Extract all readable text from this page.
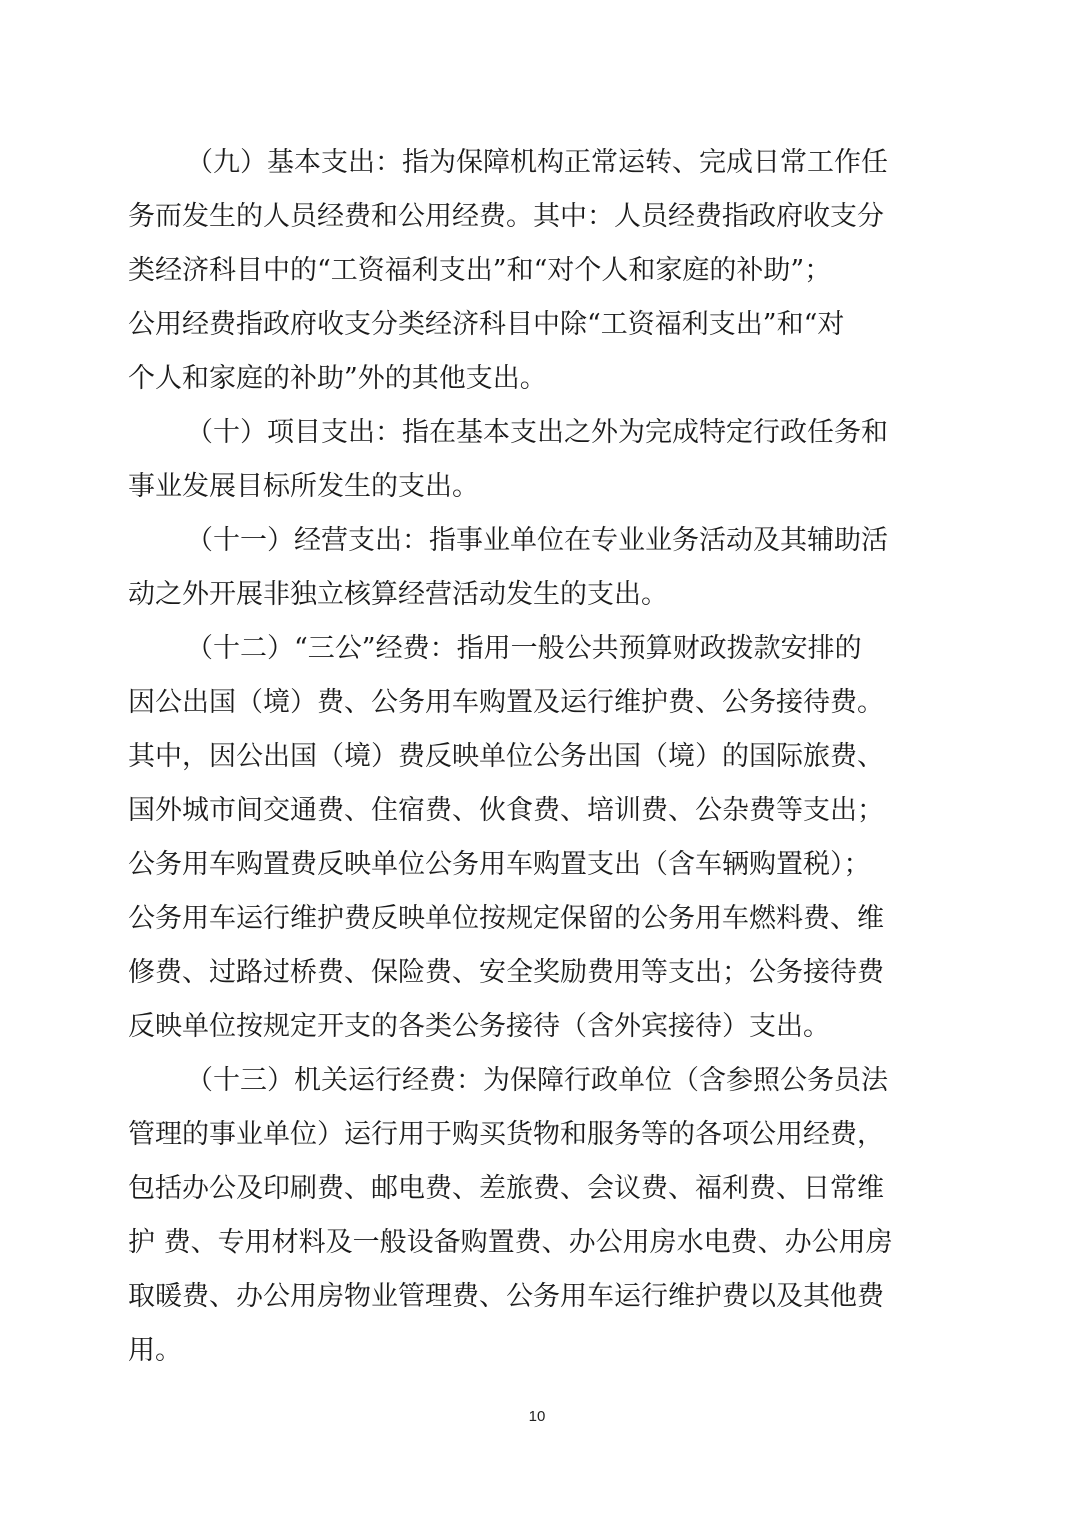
（九）基本支出：指为保障机构正常运转、完成日常工作任
务而发生的人员经费和公用经费。其中：人员经费指政府收支分
类经济科目中的“工资福利支出”和“对个人和家庭的补助”；
公用经费指政府收支分类经济科目中除“工资福利支出”和“对
个人和家庭的补助”外的其他支出。

（十）项目支出：指在基本支出之外为完成特定行政任务和
事业发展目标所发生的支出。

（十一）经营支出：指事业单位在专业业务活动及其辅助活
动之外开展非独立核算经营活动发生的支出。

（十二）“三公”经费：指用一般公共预算财政拨款安排的
因公出国（境）费、公务用车购置及运行维护费、公务接待费。
其中，因公出国（境）费反映单位公务出国（境）的国际旅费、
国外城市间交通费、住宿费、伙食费、培训费、公杂费等支出；
公务用车购置费反映单位公务用车购置支出（含车辆购置税）；
公务用车运行维护费反映单位按规定保留的公务用车燃料费、维
修费、过路过桥费、保险费、安全奖励费用等支出；公务接待费
反映单位按规定开支的各类公务接待（含外宾接待）支出。

（十三）机关运行经费：为保障行政单位（含参照公务员法
管理的事业单位）运行用于购买货物和服务等的各项公用经费，
包括办公及印刷费、邮电费、差旅费、会议费、福利费、日常维
护 费、专用材料及一般设备购置费、办公用房水电费、办公用房
取暖费、办公用房物业管理费、公务用车运行维护费以及其他费
用。

10
